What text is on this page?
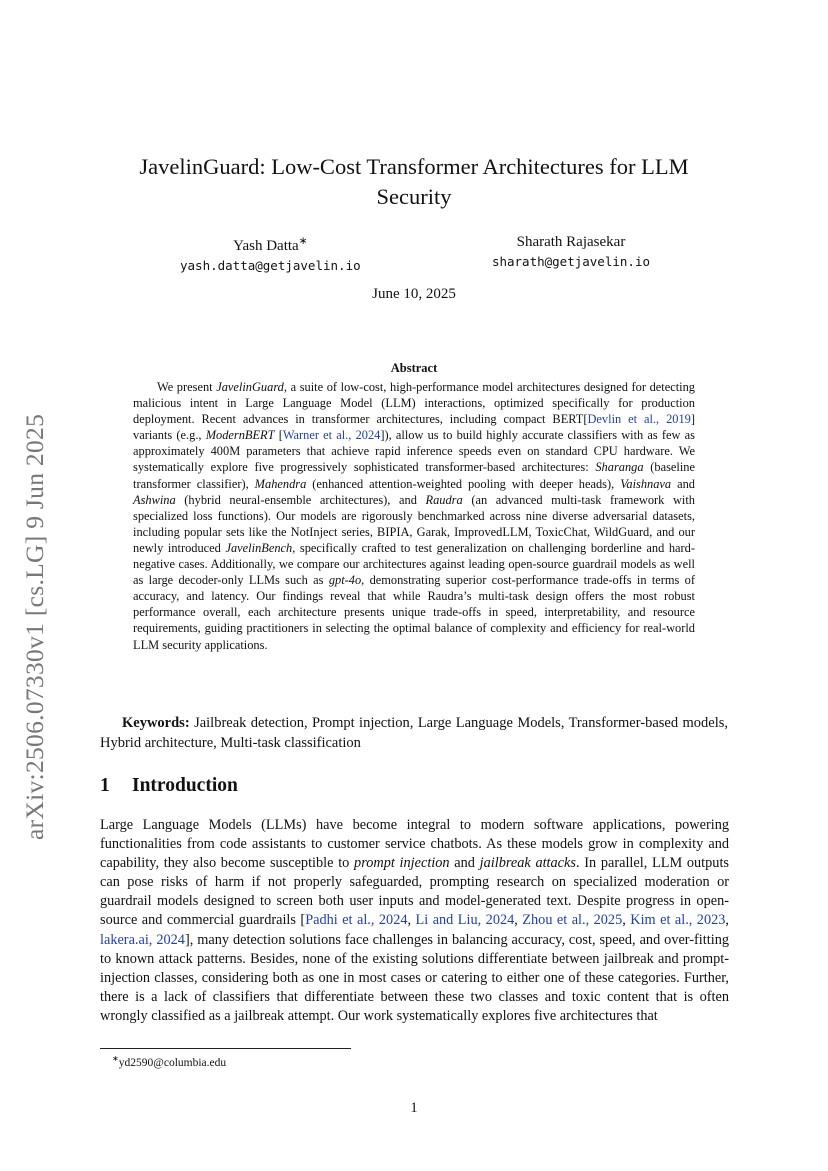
arXiv:2506.07330v1 [cs.LG] 9 Jun 2025
JavelinGuard: Low-Cost Transformer Architectures for LLM Security
Yash Datta∗
yash.datta@getjavelin.io
Sharath Rajasekar
sharath@getjavelin.io
June 10, 2025
Abstract

We present JavelinGuard, a suite of low-cost, high-performance model architectures designed for detecting malicious intent in Large Language Model (LLM) interactions, optimized specifically for production deployment. Recent advances in transformer architectures, including compact BERT[Devlin et al., 2019] variants (e.g., ModernBERT [Warner et al., 2024]), allow us to build highly accurate classifiers with as few as approximately 400M parameters that achieve rapid inference speeds even on standard CPU hardware. We systematically explore five progressively sophisticated transformer-based architectures: Sharanga (baseline transformer classifier), Mahendra (enhanced attention-weighted pooling with deeper heads), Vaishnava and Ashwina (hybrid neural-ensemble architectures), and Raudra (an advanced multi-task framework with specialized loss functions). Our models are rigorously benchmarked across nine diverse adversarial datasets, including popular sets like the NotInject series, BIPIA, Garak, ImprovedLLM, ToxicChat, WildGuard, and our newly introduced JavelinBench, specifically crafted to test generalization on challenging borderline and hard-negative cases. Additionally, we compare our architectures against leading open-source guardrail models as well as large decoder-only LLMs such as gpt-4o, demonstrating superior cost-performance trade-offs in terms of accuracy, and latency. Our findings reveal that while Raudra’s multi-task design offers the most robust performance overall, each architecture presents unique trade-offs in speed, interpretability, and resource requirements, guiding practitioners in selecting the optimal balance of complexity and efficiency for real-world LLM security applications.

Keywords: Jailbreak detection, Prompt injection, Large Language Models, Transformer-based models, Hybrid architecture, Multi-task classification

1 Introduction

Large Language Models (LLMs) have become integral to modern software applications, powering functionalities from code assistants to customer service chatbots. As these models grow in complexity and capability, they also become susceptible to prompt injection and jailbreak attacks. In parallel, LLM outputs can pose risks of harm if not properly safeguarded, prompting research on specialized moderation or guardrail models designed to screen both user inputs and model-generated text. Despite progress in open-source and commercial guardrails [Padhi et al., 2024, Li and Liu, 2024, Zhou et al., 2025, Kim et al., 2023, lakera.ai, 2024], many detection solutions face challenges in balancing accuracy, cost, speed, and over-fitting to known attack patterns. Besides, none of the existing solutions differentiate between jailbreak and prompt-injection classes, considering both as one in most cases or catering to either one of these categories. Further, there is a lack of classifiers that differentiate between these two classes and toxic content that is often wrongly classified as a jailbreak attempt. Our work systematically explores five architectures that

∗yd2590@columbia.edu
1
